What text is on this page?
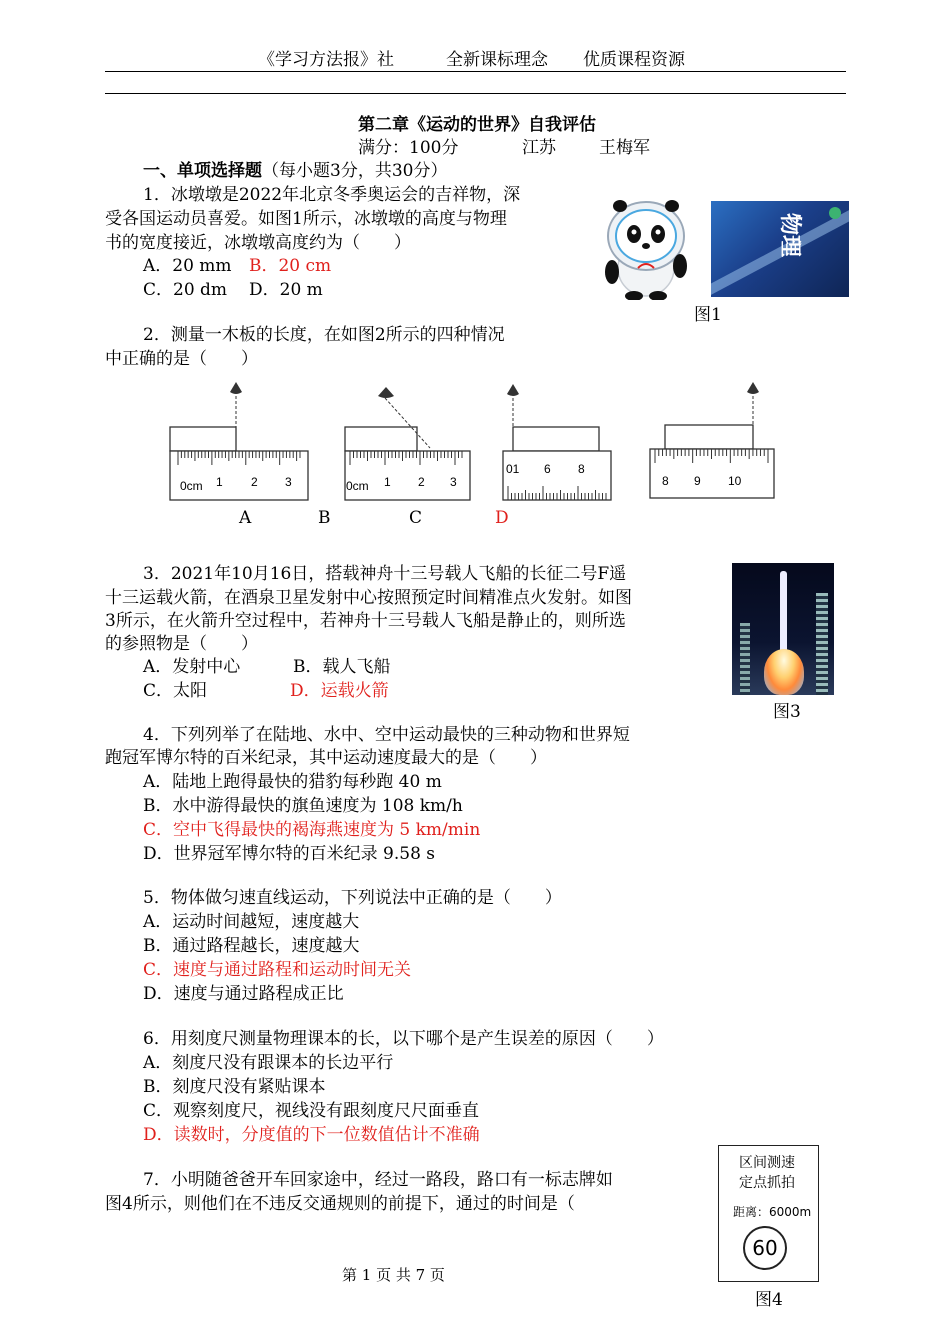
《学习方法报》社	全新课标理念 优质课程资源
第二章《运动的世界》自我评估
满分：100分	江苏	王梅军
一、单项选择题（每小题3分，共30分）
1．冰墩墩是2022年北京冬季奥运会的吉祥物，深
受各国运动员喜爱。如图1所示，冰墩墩的高度与物理
书的宽度接近，冰墩墩高度约为（　　）
A．20 mm B．20 cm
C．20 dm D．20 m
物理
图1
2．测量一木板的长度，在如图2所示的四种情况
中正确的是（　　）
0cm 1 2 3	0cm 1 2 3
01 6 8
8 9 10
A	B	C	D
3．2021年10月16日，搭载神舟十三号载人飞船的长征二号F遥
十三运载火箭，在酒泉卫星发射中心按照预定时间精准点火发射。如图
3所示，在火箭升空过程中，若神舟十三号载人飞船是静止的，则所选
的参照物是（　　）
A．发射中心	B．载人飞船
C．太阳	D．运载火箭
图3
4．下列列举了在陆地、水中、空中运动最快的三种动物和世界短
跑冠军博尔特的百米纪录，其中运动速度最大的是（　　）
A．陆地上跑得最快的猎豹每秒跑 40 m
B．水中游得最快的旗鱼速度为 108 km/h
C．空中飞得最快的褐海燕速度为 5 km/min
D．世界冠军博尔特的百米纪录 9.58 s
5．物体做匀速直线运动，下列说法中正确的是（　　）
A．运动时间越短，速度越大
B．通过路程越长，速度越大
C．速度与通过路程和运动时间无关
D．速度与通过路程成正比
6．用刻度尺测量物理课本的长，以下哪个是产生误差的原因（　　）
A．刻度尺没有跟课本的长边平行
B．刻度尺没有紧贴课本
C．观察刻度尺，视线没有跟刻度尺尺面垂直
D．读数时，分度值的下一位数值估计不准确
7．小明随爸爸开车回家途中，经过一路段，路口有一标志牌如
图4所示，则他们在不违反交通规则的前提下，通过的时间是（
区间测速
定点抓拍
距离：6000m
60
图4
第 1 页 共 7 页
